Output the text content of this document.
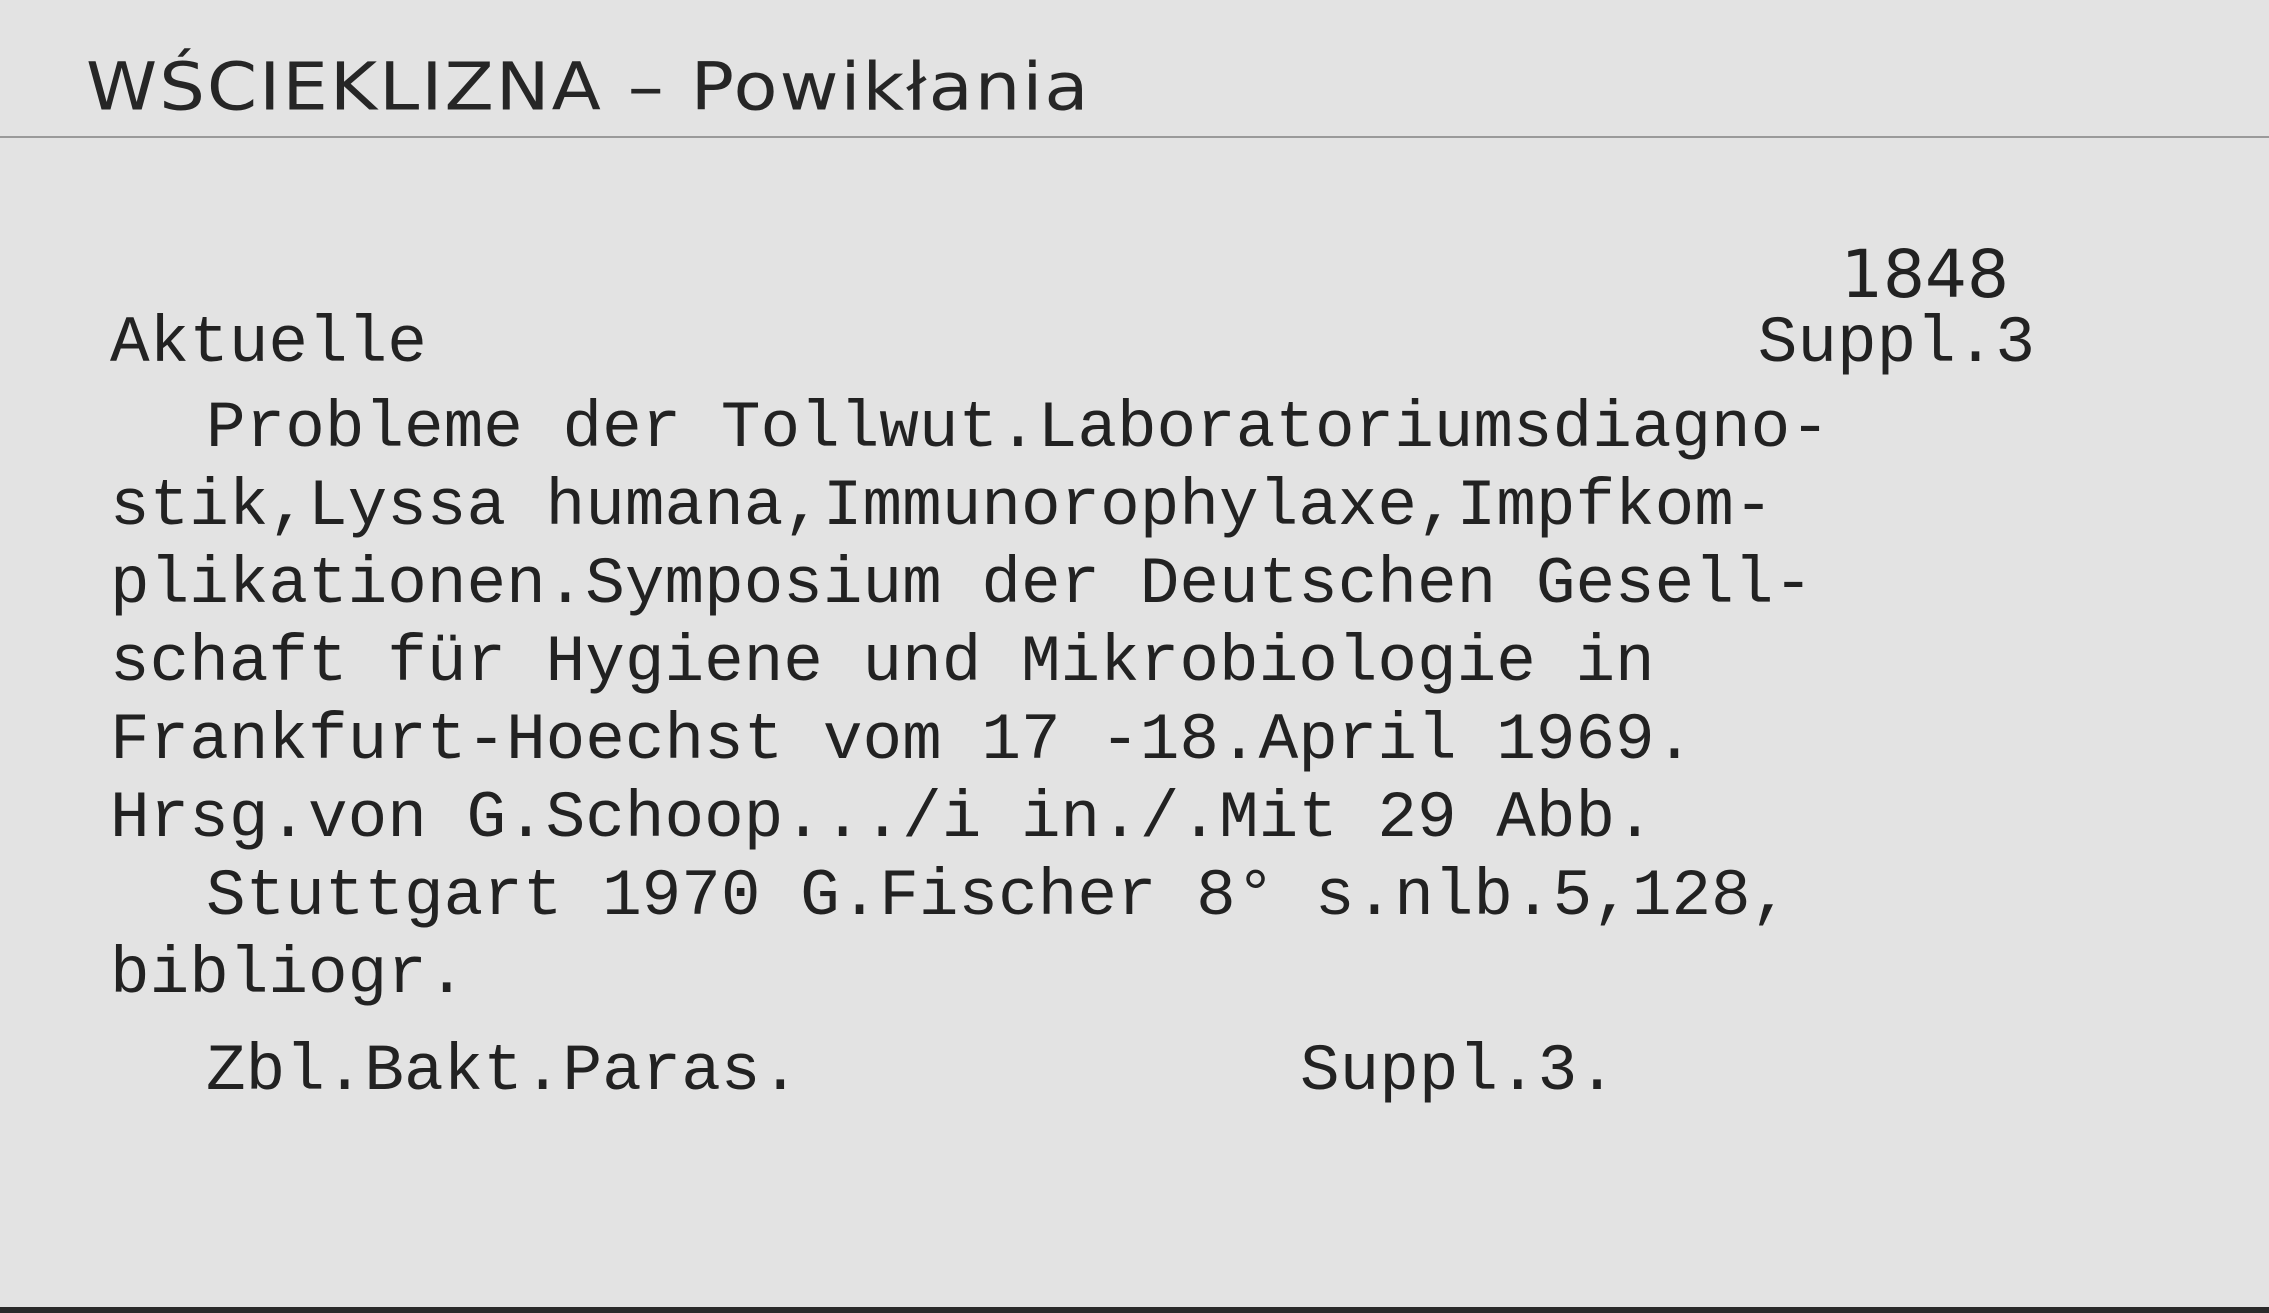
WŚCIEKLIZNA – Powikłania
1848
Aktuelle	Suppl.3
Probleme der Tollwut.Laboratoriumsdiagno-
stik,Lyssa humana,Immunorophylaxe,Impfkom-
plikationen.Symposium der Deutschen Gesell-
schaft für Hygiene und Mikrobiologie in
Frankfurt-Hoechst vom 17 -18.April 1969.
Hrsg.von G.Schoop.../i in./.Mit 29 Abb.
Stuttgart 1970 G.Fischer 8° s.nlb.5,128,
bibliogr.
Zbl.Bakt.Paras.	Suppl.3.
